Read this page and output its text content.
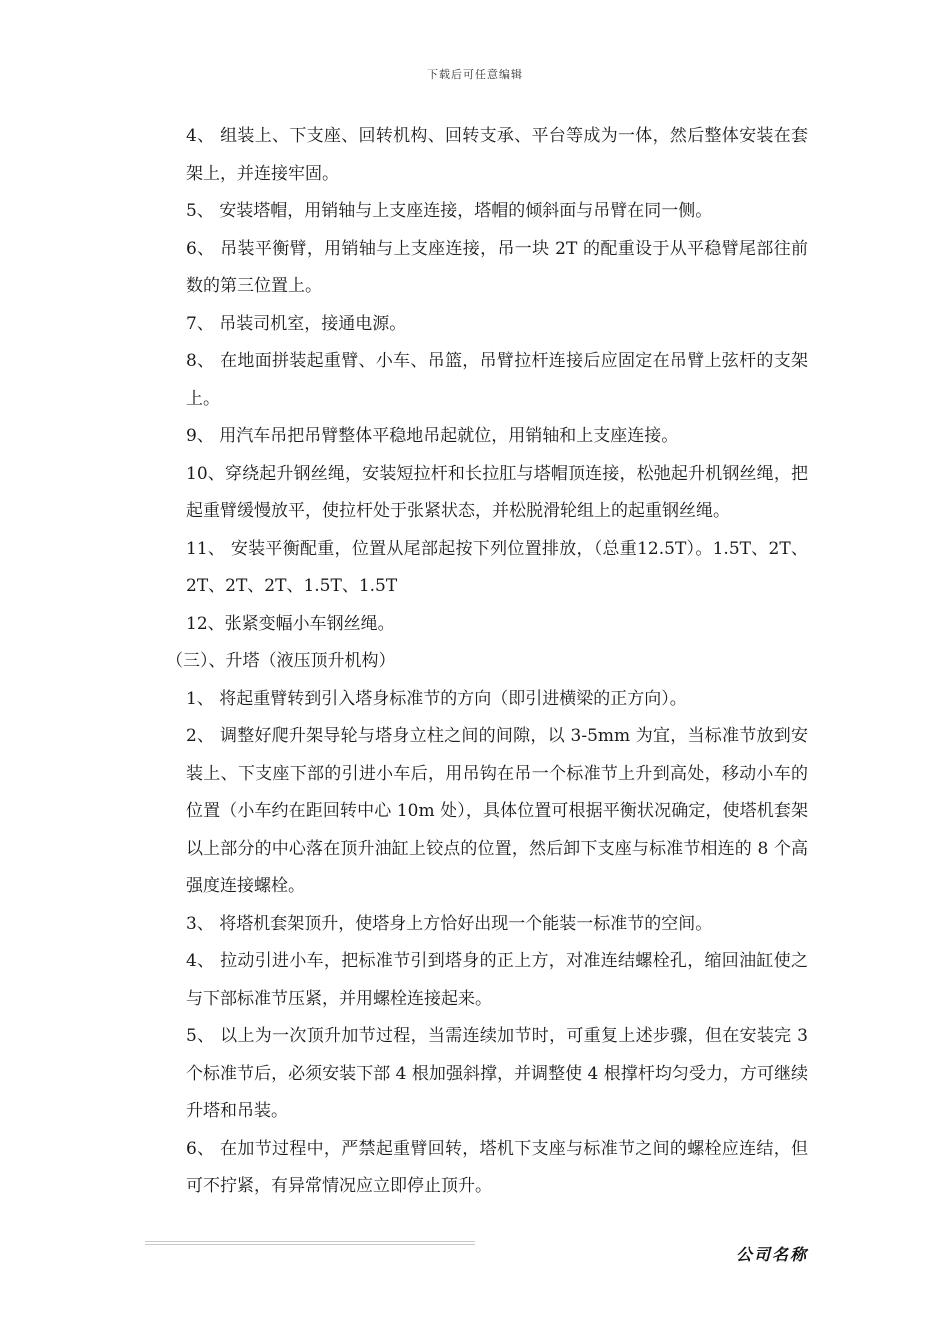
下载后可任意编辑

4、 组装上、下支座、回转机构、回转支承、平台等成为一体，然后整体安装在套架上，并连接牢固。

5、 安装塔帽，用销轴与上支座连接，塔帽的倾斜面与吊臂在同一侧。

6、 吊装平衡臂，用销轴与上支座连接，吊一块 2T 的配重设于从平稳臂尾部往前数的第三位置上。

7、 吊装司机室，接通电源。

8、 在地面拼装起重臂、小车、吊篮，吊臂拉杆连接后应固定在吊臂上弦杆的支架上。

9、 用汽车吊把吊臂整体平稳地吊起就位，用销轴和上支座连接。

10、穿绕起升钢丝绳，安装短拉杆和长拉肛与塔帽顶连接，松弛起升机钢丝绳，把起重臂缓慢放平，使拉杆处于张紧状态，并松脱滑轮组上的起重钢丝绳。

11、 安装平衡配重，位置从尾部起按下列位置排放，（总重12.5T）。1.5T、2T、2T、2T、2T、1.5T、1.5T

12、张紧变幅小车钢丝绳。

（三）、升塔（液压顶升机构）

1、 将起重臂转到引入塔身标准节的方向（即引进横梁的正方向）。

2、 调整好爬升架导轮与塔身立柱之间的间隙，以 3-5mm 为宜，当标准节放到安装上、下支座下部的引进小车后，用吊钩在吊一个标准节上升到高处，移动小车的位置（小车约在距回转中心 10m 处），具体位置可根据平衡状况确定，使塔机套架以上部分的中心落在顶升油缸上铰点的位置，然后卸下支座与标准节相连的 8 个高强度连接螺栓。

3、 将塔机套架顶升，使塔身上方恰好出现一个能装一标准节的空间。

4、 拉动引进小车，把标准节引到塔身的正上方，对准连结螺栓孔，缩回油缸使之与下部标准节压紧，并用螺栓连接起来。

5、 以上为一次顶升加节过程，当需连续加节时，可重复上述步骤，但在安装完 3 个标准节后，必须安装下部 4 根加强斜撑，并调整使 4 根撑杆均匀受力，方可继续升塔和吊装。

6、 在加节过程中，严禁起重臂回转，塔机下支座与标准节之间的螺栓应连结，但可不拧紧，有异常情况应立即停止顶升。

公司名称
